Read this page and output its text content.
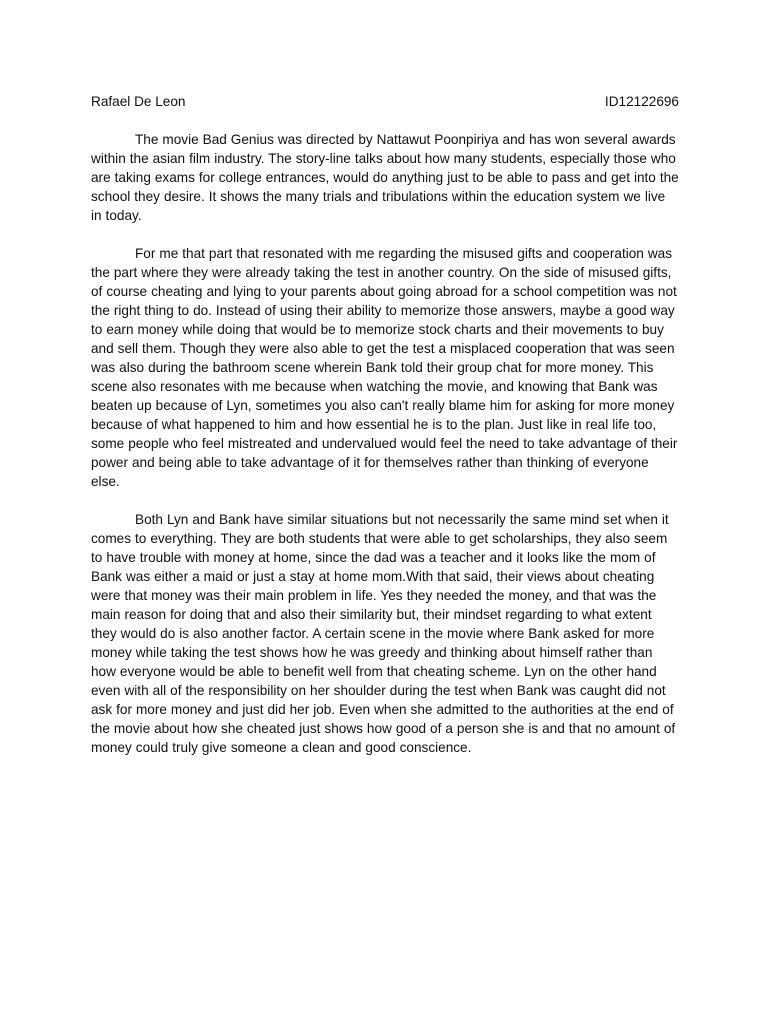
Rafael De Leon	ID12122696

The movie Bad Genius was directed by Nattawut Poonpiriya and has won several awards within the asian film industry. The story-line talks about how many students, especially those who are taking exams for college entrances, would do anything just to be able to pass and get into the school they desire. It shows the many trials and tribulations within the education system we live in today.

For me that part that resonated with me regarding the misused gifts and cooperation was the part where they were already taking the test in another country. On the side of misused gifts, of course cheating and lying to your parents about going abroad for a school competition was not the right thing to do. Instead of using their ability to memorize those answers, maybe a good way to earn money while doing that would be to memorize stock charts and their movements to buy and sell them. Though they were also able to get the test a misplaced cooperation that was seen was also during the bathroom scene wherein Bank told their group chat for more money. This scene also resonates with me because when watching the movie, and knowing that Bank was beaten up because of Lyn, sometimes you also can't really blame him for asking for more money because of what happened to him and how essential he is to the plan. Just like in real life too, some people who feel mistreated and undervalued would feel the need to take advantage of their power and being able to take advantage of it for themselves rather than thinking of everyone else.

Both Lyn and Bank have similar situations but not necessarily the same mind set when it comes to everything. They are both students that were able to get scholarships, they also seem to have trouble with money at home, since the dad was a teacher and it looks like the mom of Bank was either a maid or just a stay at home mom.With that said, their views about cheating were that money was their main problem in life. Yes they needed the money, and that was the main reason for doing that and also their similarity but, their mindset regarding to what extent they would do is also another factor. A certain scene in the movie where Bank asked for more money while taking the test shows how he was greedy and thinking about himself rather than how everyone would be able to benefit well from that cheating scheme. Lyn on the other hand even with all of the responsibility on her shoulder during the test when Bank was caught did not ask for more money and just did her job. Even when she admitted to the authorities at the end of the movie about how she cheated just shows how good of a person she is and that no amount of money could truly give someone a clean and good conscience.
